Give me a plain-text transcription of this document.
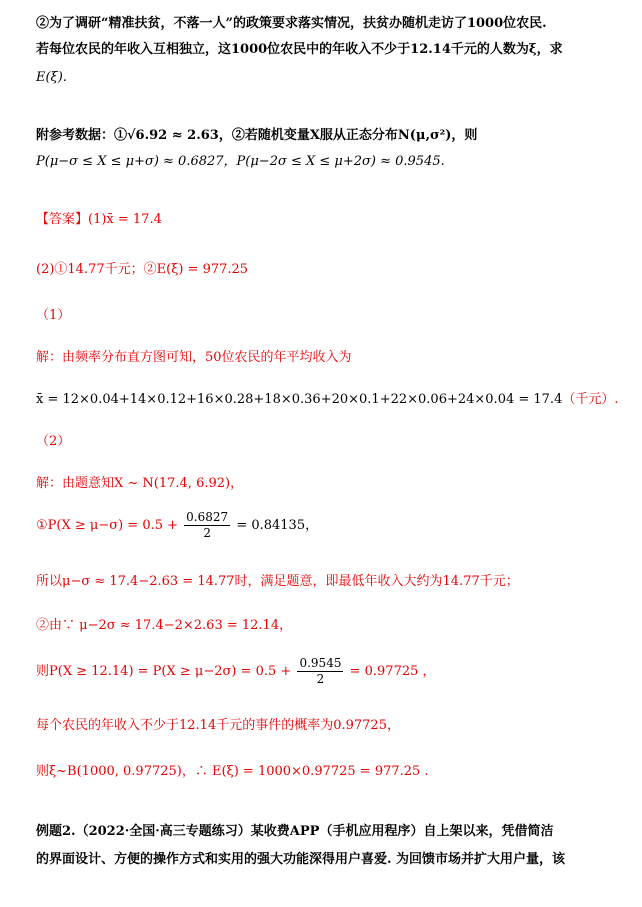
②为了调研“精准扶贫，不落一人”的政策要求落实情况，扶贫办随机走访了1000位农民.
若每位农民的年收入互相独立，这1000位农民中的年收入不少于12.14千元的人数为ξ，求
E(ξ).
附参考数据：①√6.92 ≈ 2.63，②若随机变量X服从正态分布N(μ,σ²)，则
P(μ−σ ≤ X ≤ μ+σ) ≈ 0.6827，P(μ−2σ ≤ X ≤ μ+2σ) ≈ 0.9545.
【答案】(1)x̄ = 17.4
(2)①14.77千元；②E(ξ) = 977.25
（1）
解：由频率分布直方图可知，50位农民的年平均收入为
x̄ = 12×0.04+14×0.12+16×0.28+18×0.36+20×0.1+22×0.06+24×0.04 = 17.4（千元）.
（2）
解：由题意知X ~ N(17.4, 6.92)，
①P(X ≥ $\mu-\sigma) = 0.5 + \frac{0.6827}{2} = 0.84135$，
所以μ−σ ≈ 17.4−2.63 = 14.77时，满足题意，即最低年收入大约为14.77千元；
②由∵ μ−2σ ≈ 17.4−2×2.63 = 12.14，
则$P(X \ge 12.14) = P(X \ge \mu-2\sigma) = 0.5 + \frac{0.9545}{2} = 0.97725$ ，
每个农民的年收入不少于12.14千元的事件的概率为0.97725，
则ξ~B(1000, 0.97725)，∴ E(ξ) = 1000×0.97725 = 977.25 .
例题2.（2022·全国·高三专题练习）某收费APP（手机应用程序）自上架以来，凭借简洁
的界面设计、方便的操作方式和实用的强大功能深得用户喜爱. 为回馈市场并扩大用户量，该
